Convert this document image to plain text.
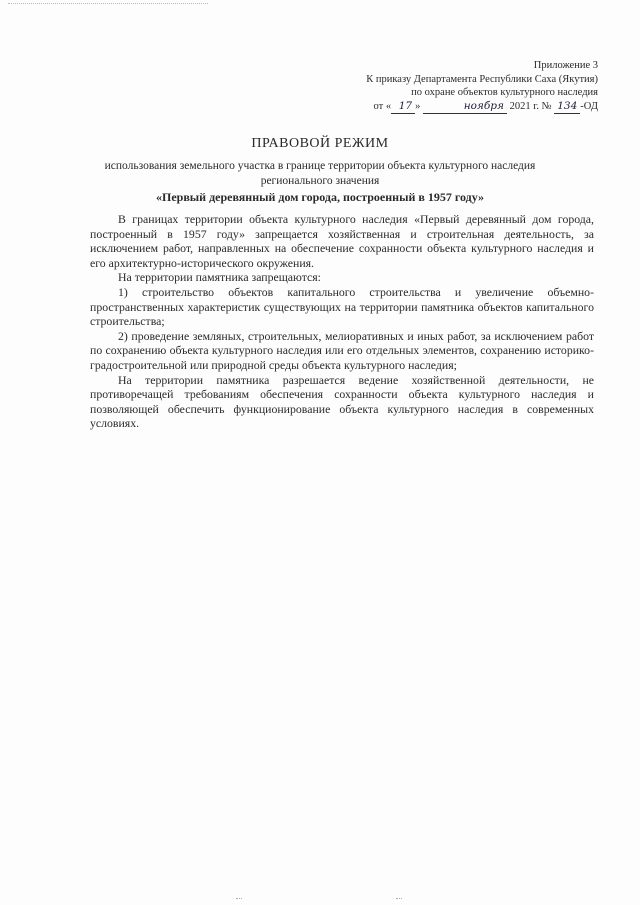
Приложение 3
К приказу Департамента Республики Саха (Якутия)
по охране объектов культурного наследия
от « 17 »	ноября 2021 г. № 134 -ОД
ПРАВОВОЙ РЕЖИМ
использования земельного участка в границе территории объекта культурного наследия
регионального значения
«Первый деревянный дом города, построенный в 1957 году»

В границах территории объекта культурного наследия «Первый деревянный дом города, построенный в 1957 году» запрещается хозяйственная и строительная деятельность, за исключением работ, направленных на обеспечение сохранности объекта культурного наследия и его архитектурно-исторического окружения.

На территории памятника запрещаются:

1) строительство объектов капитального строительства и увеличение объемно-пространственных характеристик существующих на территории памятника объектов капитального строительства;

2) проведение земляных, строительных, мелиоративных и иных работ, за исключением работ по сохранению объекта культурного наследия или его отдельных элементов, сохранению историко-градостроительной или природной среды объекта культурного наследия;

На территории памятника разрешается ведение хозяйственной деятельности, не противоречащей требованиям обеспечения сохранности объекта культурного наследия и позволяющей обеспечить функционирование объекта культурного наследия в современных условиях.
